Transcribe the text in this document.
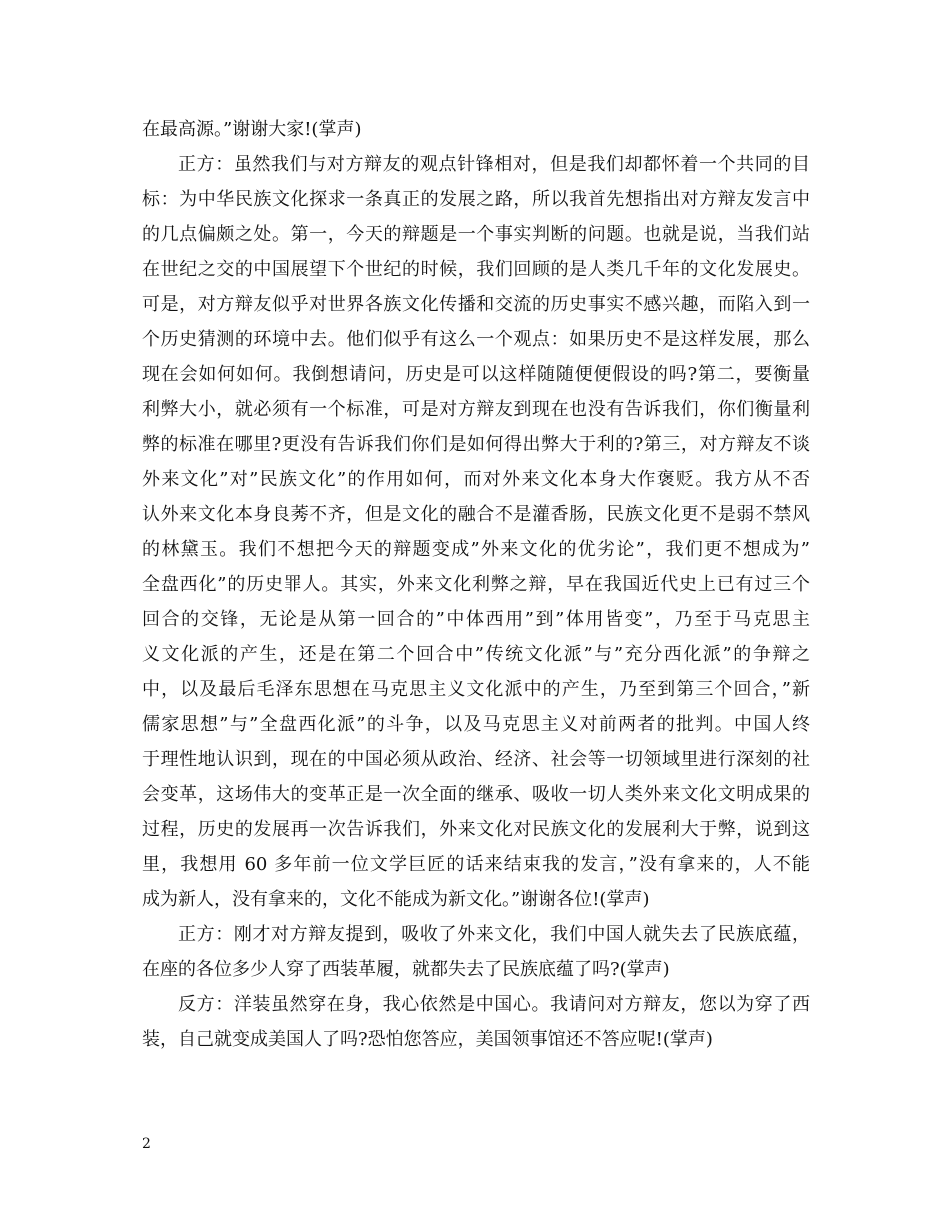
在最高源。”谢谢大家!(掌声)
正方：虽然我们与对方辩友的观点针锋相对，但是我们却都怀着一个共同的目
标：为中华民族文化探求一条真正的发展之路，所以我首先想指出对方辩友发言中
的几点偏颇之处。第一，今天的辩题是一个事实判断的问题。也就是说，当我们站
在世纪之交的中国展望下个世纪的时候，我们回顾的是人类几千年的文化发展史。
可是，对方辩友似乎对世界各族文化传播和交流的历史事实不感兴趣，而陷入到一
个历史猜测的环境中去。他们似乎有这么一个观点：如果历史不是这样发展，那么
现在会如何如何。我倒想请问，历史是可以这样随随便便假设的吗?第二，要衡量
利弊大小，就必须有一个标准，可是对方辩友到现在也没有告诉我们，你们衡量利
弊的标准在哪里?更没有告诉我们你们是如何得出弊大于利的?第三，对方辩友不谈
外来文化”对”民族文化”的作用如何，而对外来文化本身大作褒贬。我方从不否
认外来文化本身良莠不齐，但是文化的融合不是灌香肠，民族文化更不是弱不禁风
的林黛玉。我们不想把今天的辩题变成”外来文化的优劣论”，我们更不想成为”
全盘西化”的历史罪人。其实，外来文化利弊之辩，早在我国近代史上已有过三个
回合的交锋，无论是从第一回合的”中体西用”到”体用皆变”，乃至于马克思主
义文化派的产生，还是在第二个回合中”传统文化派”与”充分西化派”的争辩之
中，以及最后毛泽东思想在马克思主义文化派中的产生，乃至到第三个回合，”新
儒家思想”与”全盘西化派”的斗争，以及马克思主义对前两者的批判。中国人终
于理性地认识到，现在的中国必须从政治、经济、社会等一切领域里进行深刻的社
会变革，这场伟大的变革正是一次全面的继承、吸收一切人类外来文化文明成果的
过程，历史的发展再一次告诉我们，外来文化对民族文化的发展利大于弊，说到这
里，我想用 60 多年前一位文学巨匠的话来结束我的发言，”没有拿来的，人不能
成为新人，没有拿来的，文化不能成为新文化。”谢谢各位!(掌声)
正方：刚才对方辩友提到，吸收了外来文化，我们中国人就失去了民族底蕴，
在座的各位多少人穿了西装革履，就都失去了民族底蕴了吗?(掌声)
反方：洋装虽然穿在身，我心依然是中国心。我请问对方辩友，您以为穿了西
装，自己就变成美国人了吗?恐怕您答应，美国领事馆还不答应呢!(掌声)
2
